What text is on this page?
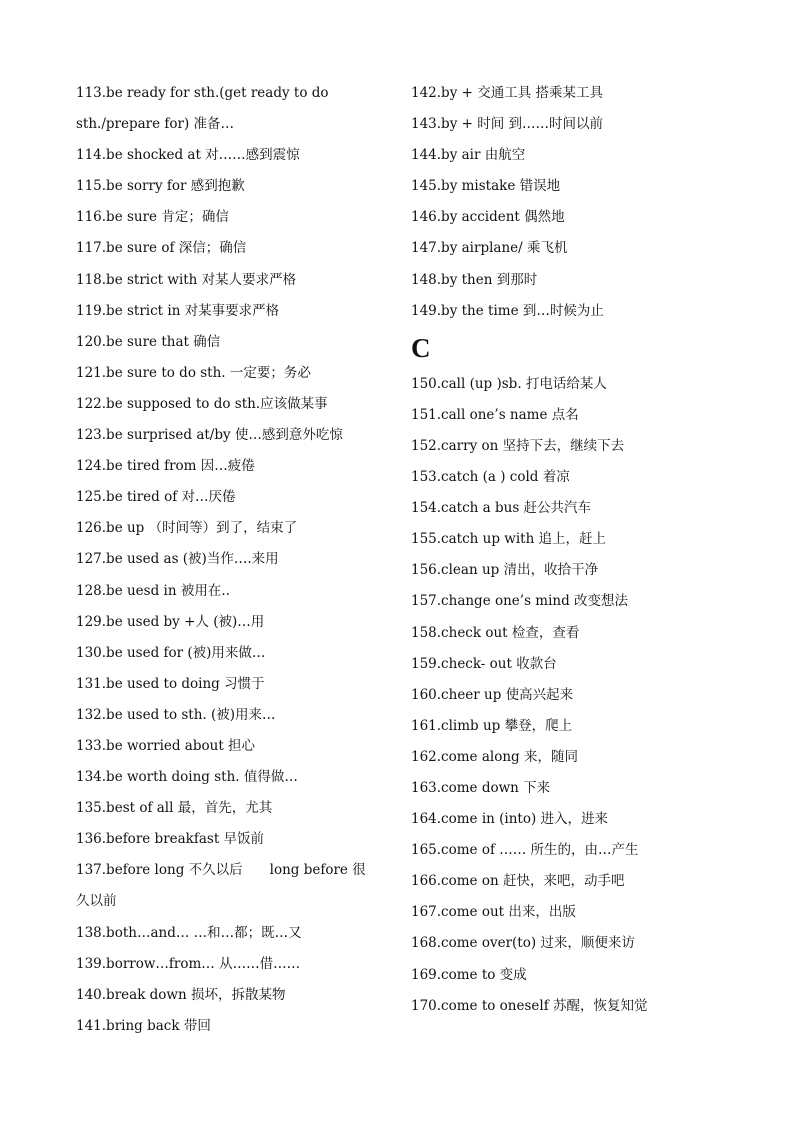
113.be ready for sth.(get ready to do sth./prepare for) 准备…
114.be shocked at 对……感到震惊
115.be sorry for 感到抱歉
116.be sure 肯定；确信
117.be sure of 深信；确信
118.be strict with 对某人要求严格
119.be strict in 对某事要求严格
120.be sure that 确信
121.be sure to do sth. 一定要；务必
122.be supposed to do sth.应该做某事
123.be surprised at/by 使…感到意外吃惊
124.be tired from 因…疲倦
125.be tired of 对…厌倦
126.be up （时间等）到了，结束了
127.be used as (被)当作….来用
128.be uesd in 被用在..
129.be used by +人 (被)…用
130.be used for (被)用来做…
131.be used to doing 习惯于
132.be used to sth. (被)用来…
133.be worried about 担心
134.be worth doing sth. 值得做…
135.best of all 最，首先，尤其
136.before breakfast 早饭前
137.before long 不久以后　　long before 很久以前
138.both…and… …和…都；既…又
139.borrow…from… 从……借……
140.break down 损坏，拆散某物
141.bring back 带回
142.by + 交通工具 搭乘某工具
143.by + 时间 到……时间以前
144.by air 由航空
145.by mistake 错误地
146.by accident 偶然地
147.by airplane/ 乘飞机
148.by then 到那时
149.by the time 到…时候为止
C
150.call (up )sb. 打电话给某人
151.call one’s name 点名
152.carry on 坚持下去，继续下去
153.catch (a ) cold 着凉
154.catch a bus 赶公共汽车
155.catch up with 追上，赶上
156.clean up 清出，收拾干净
157.change one’s mind 改变想法
158.check out 检查，查看
159.check- out 收款台
160.cheer up 使高兴起来
161.climb up 攀登，爬上
162.come along 来，随同
163.come down 下来
164.come in (into) 进入，进来
165.come of …… 所生的，由…产生
166.come on 赶快，来吧，动手吧
167.come out 出来，出版
168.come over(to) 过来，顺便来访
169.come to 变成
170.come to oneself 苏醒，恢复知觉
